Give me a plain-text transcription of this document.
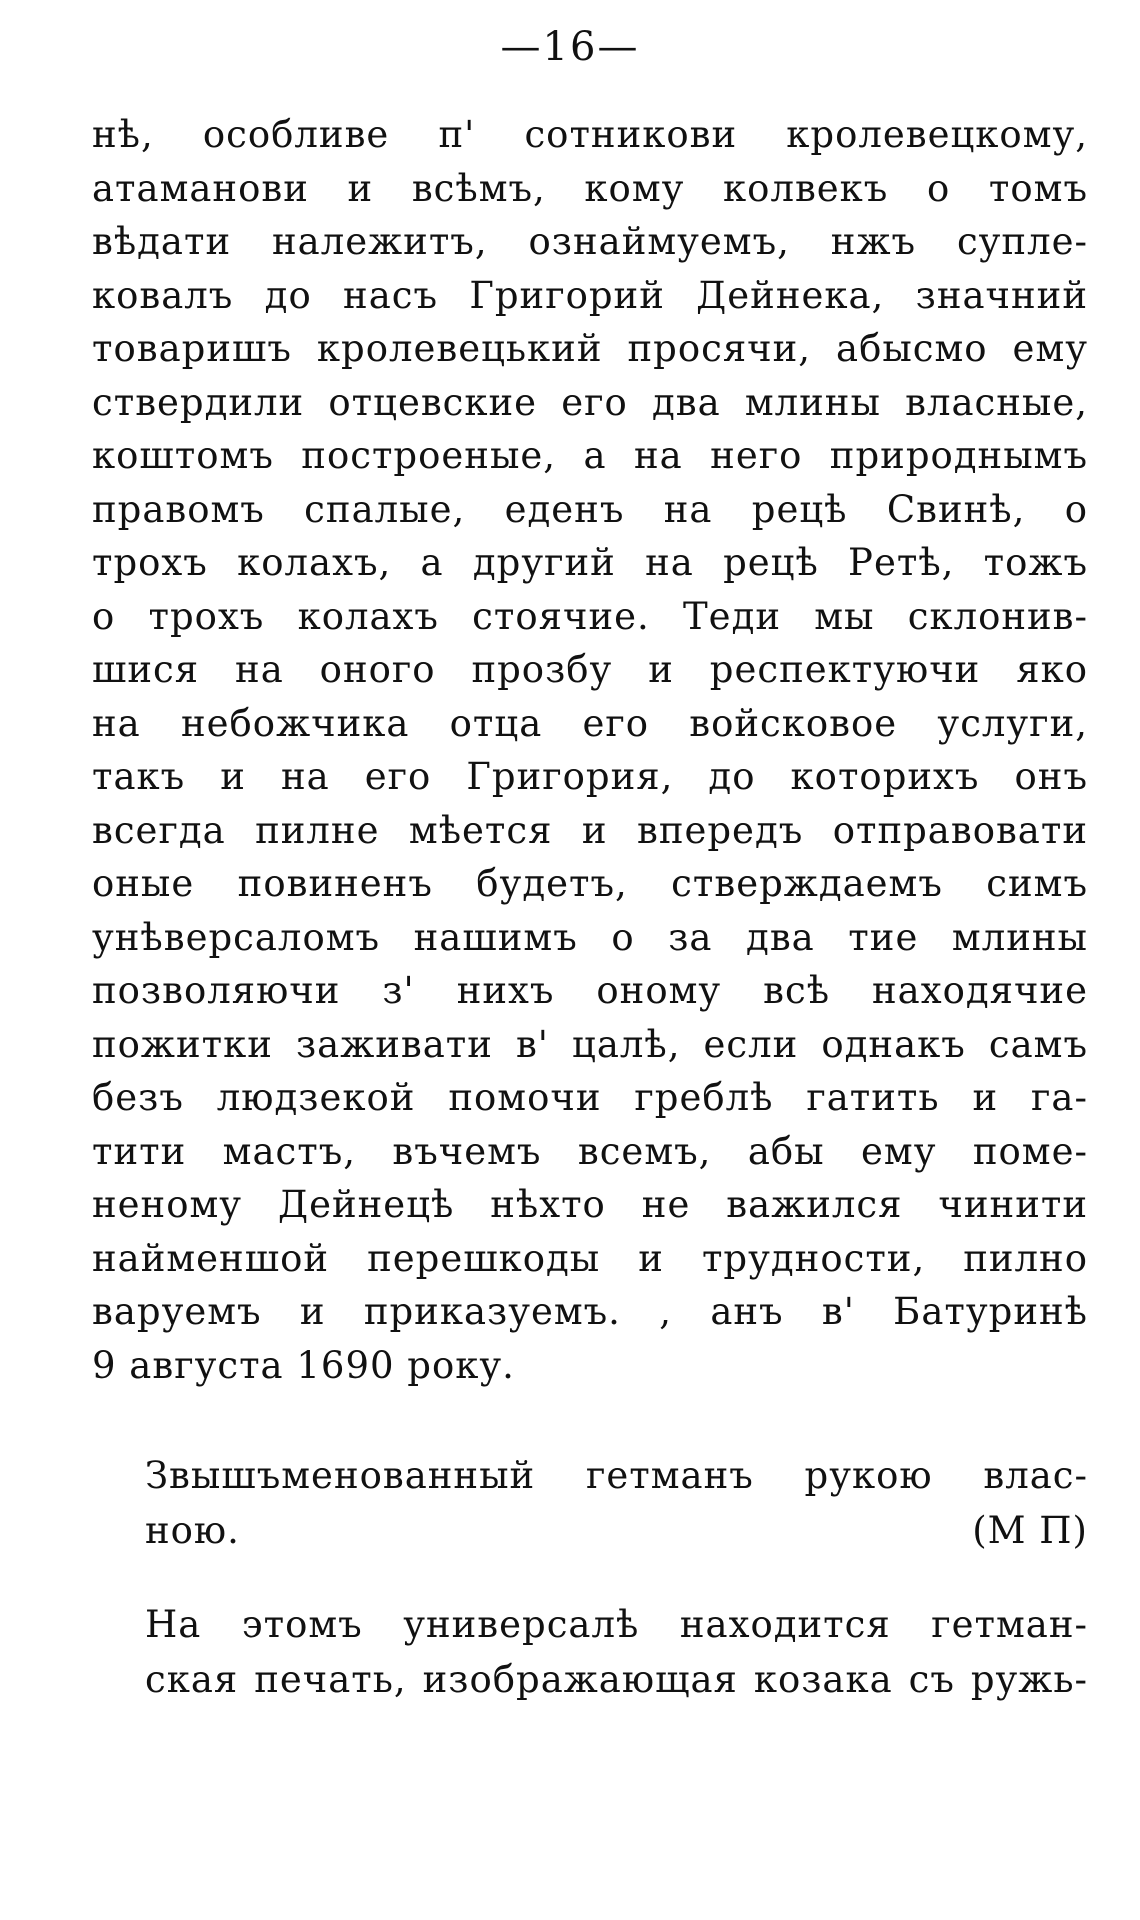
—16—
нѣ, особливе п' сотникови кролевецкому,
атаманови и всѣмъ, кому колвекъ о томъ
вѣдати належитъ, ознаймуемъ, нжъ супле-
ковалъ до насъ Григорий Дейнека, значний
товаришъ кролевецький просячи, абысмо ему
ствердили отцевские его два млины власные,
коштомъ построеные, а на него природнымъ
правомъ спалые, еденъ на рецѣ Свинѣ, о
трохъ колахъ, а другий на рецѣ Ретѣ, тожъ
о трохъ колахъ стоячие. Теди мы склонив-
шися на оного прозбу и респектуючи яко
на небожчика отца его войсковое услуги,
такъ и на его Григория, до которихъ онъ
всегда пилне мѣется и впередъ отправовати
оные повиненъ будетъ, стверждаемъ симъ
унѣверсаломъ нашимъ о за два тие млины
позволяючи з' нихъ оному всѣ находячие
пожитки заживати в' цалѣ, если однакъ самъ
безъ людзекой помочи греблѣ гатить и га-
тити мастъ, въчемъ всемъ, абы ему поме-
неному Дейнецѣ нѣхто не важился чинити
найменшой перешкоды и трудности, пилно
варуемъ и приказуемъ. , анъ в' Батуринѣ
9 августа 1690 року.
Звышъменованный гетманъ рукою влас-
ною.	(М П)
На этомъ универсалѣ находится гетман-
ская печать, изображающая козака съ ружь-
